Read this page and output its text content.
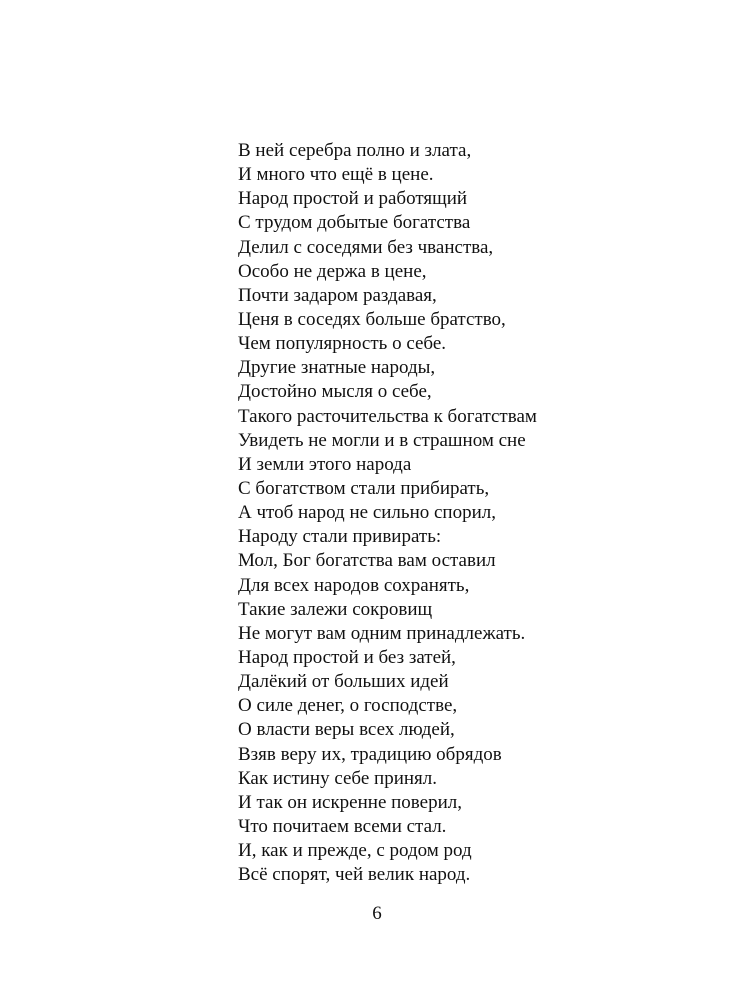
В ней серебра полно и злата,
И много что ещё в цене.
Народ простой и работящий
С трудом добытые богатства
Делил с соседями без чванства,
Особо не держа в цене,
Почти задаром раздавая,
Ценя в соседях больше братство,
Чем популярность о себе.
Другие знатные народы,
Достойно мысля о себе,
Такого расточительства к богатствам
Увидеть не могли и в страшном сне
И земли этого народа
С богатством стали прибирать,
А чтоб народ не сильно спорил,
Народу стали привирать:
Мол, Бог богатства вам оставил
Для всех народов сохранять,
Такие залежи сокровищ
Не могут вам одним принадлежать.
Народ простой и без затей,
Далёкий от больших идей
О силе денег, о господстве,
О власти веры всех людей,
Взяв веру их, традицию обрядов
Как истину себе принял.
И так он искренне поверил,
Что почитаем всеми стал.
И, как и прежде, с родом род
Всё спорят, чей велик народ.
6
